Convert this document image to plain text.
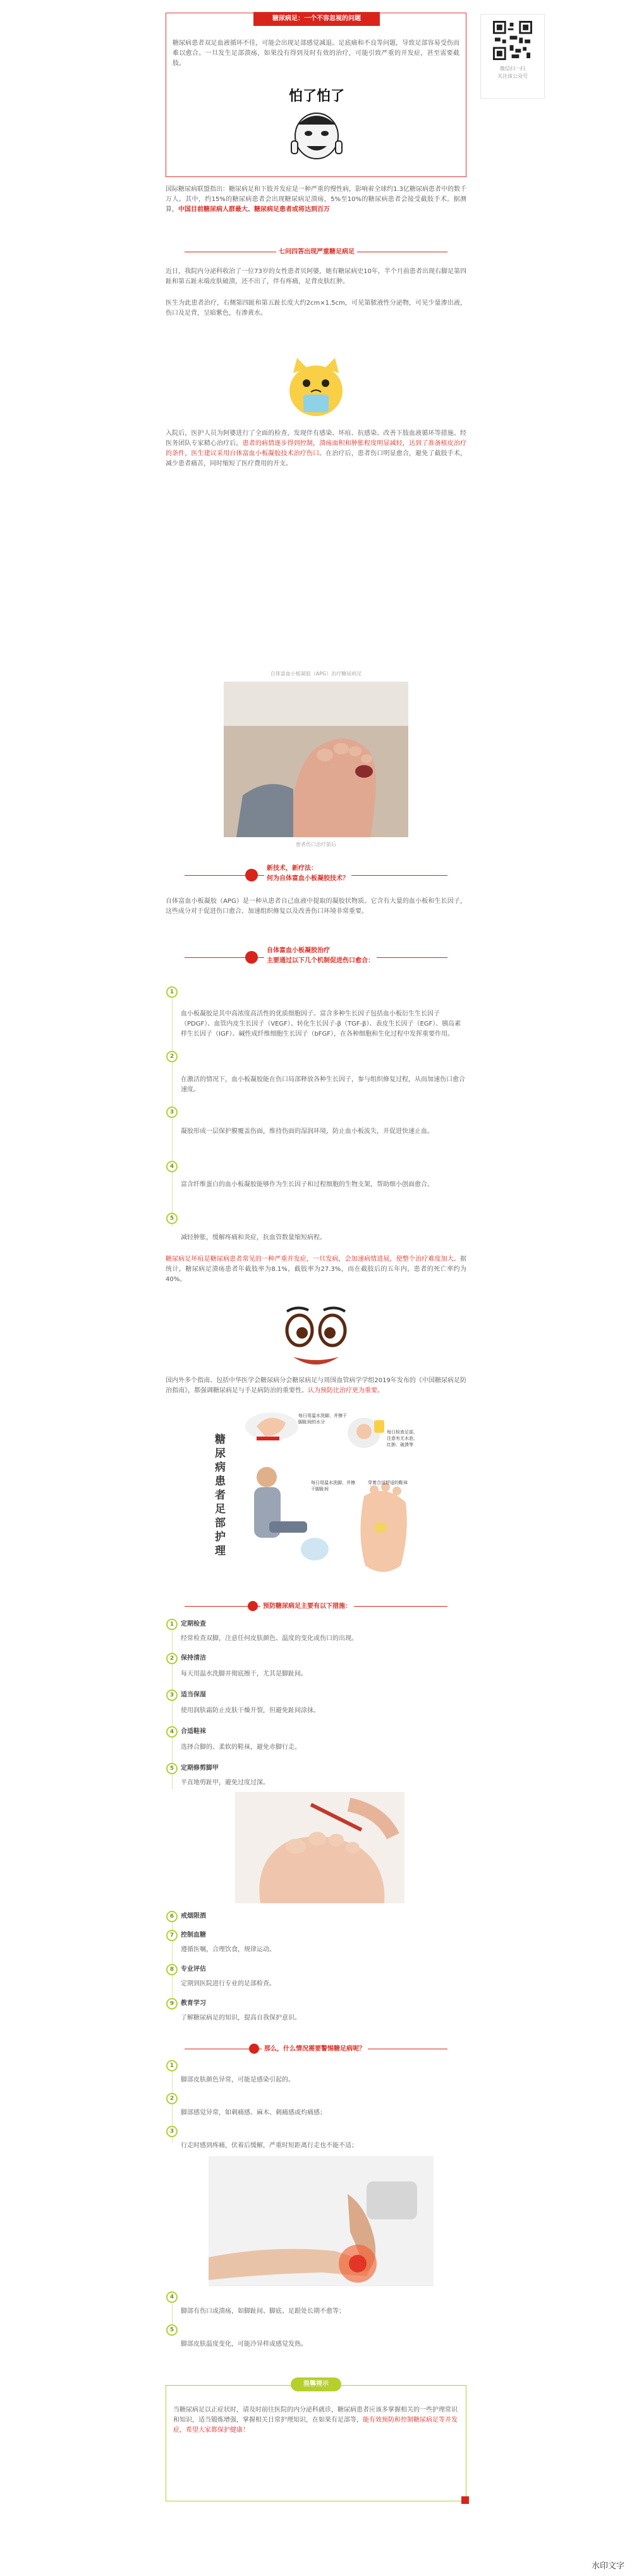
微信扫一扫
关注该公众号
糖尿病足：一个不容忽视的问题

糖尿病患者双足血液循环不佳，可能会出现足部感觉减退。足底痛和不良等问题，导致足部容易受伤而难以愈合。一旦发生足部溃疡，如果没有得到及时有效的治疗，可能引致严重的并发症，甚至需要截肢。

怕了怕了

国际糖尿病联盟指出：糖尿病足和下肢并发症是一种严重的慢性病，影响着全球约1.3亿糖尿病患者中的数千万人。其中，约15%的糖尿病患者会出现糖尿病足溃疡，5%至10%的糖尿病患者会接受截肢手术。据测算，中国目前糖尿病人群最大、糖尿病足患者或将达到百万

七问四答出现严重糖足病足

近日，我院内分泌科收治了一位73岁的女性患者贝阿婆，她有糖尿病史10年，半个月前患者出现右脚足第四趾和第五趾末端皮肤破溃，还不出了，伴有疼痛，足背皮肤红肿。

医生为此患者治疗，右侧第四趾和第五趾长度大约2cm×1.5cm，可见第脓液性分泌物，可见少量渗出液，伤口及足背，呈暗紫色，有渗黄水。

入院后，医护人员为阿婆进行了全面的检查，发现伴有感染、坏疽、抗感染、改善下肢血液循环等措施。经医务团队专家精心治疗后，患者的病情逐步得到控制，溃疡面积和肿胀程度明显减轻，达到了准备植皮治疗的条件，医生建议采用自体富血小板凝胶技术治疗伤口。在治疗后，患者伤口明显愈合，避免了截肢手术，减少患者痛苦，同时缩短了医疗费用的开支。

自体富血小板凝胶（APG）治疗糖尿病足
患者伤口治疗前后
新技术，新疗法：
何为自体富血小板凝胶技术？

自体富血小板凝胶（APG）是一种从患者自己血液中提取的凝胶状物质。它含有大量的血小板和生长因子，这些成分对于促进伤口愈合、加速组织修复以及改善伤口环境非常重要。

自体富血小板凝胶治疗
主要通过以下几个机制促进伤口愈合：
1

血小板凝胶是其中高浓度高活性的优质细胞因子。富含多种生长因子包括血小板衍生生长因子（PDGF）、血管内皮生长因子（VEGF）、转化生长因子-β（TGF-β）、表皮生长因子（EGF）、胰岛素样生长因子（IGF）、碱性成纤维细胞生长因子（bFGF），在各种细胞和生化过程中发挥重要作用。

2

在激活的情况下，血小板凝胶能在伤口局部释放各种生长因子，参与组织修复过程，从而加速伤口愈合速度。

3

凝胶形成一层保护膜覆盖伤面，维持伤面的湿润环境，防止血小板流失，并促进快速止血。

4

富含纤维蛋白的血小板凝胶能够作为生长因子和过程细胞的生物支架，帮助细小创面愈合。

5

减轻肿胀，缓解疼痛和炎症，抗血管数量缩短病程。

糖尿病足坏疽是糖尿病患者常见的一种严重并发症，一旦发病，会加速病情进展，使整个治疗难度加大。据统计，糖尿病足溃疡患者年截肢率为8.1%，截肢率为27.3%，而在截肢后的五年内，患者的死亡率约为40%。

国内外多个指南、包括中华医学会糖尿病分会糖尿病足与周围血管病学学组2019年发布的《中国糖尿病足防治指南》，都强调糖尿病足与手足病防治的重要性。认为预防比治疗更为重要。

糖尿病患者足部护理
每日用温水洗脚，并擦干脚趾间的水分
每日检查足部，注意有无水泡、红肿、破溃等
每日用温水洗脚，并擦干脚趾间
穿着合适舒适的鞋袜
预防糖尿病足主要有以下措施：
1	定期检查
经常检查双脚，注意任何皮肤颜色、温度的变化或伤口的出现。
2	保持清洁
每天用温水洗脚并彻底擦干，尤其是脚趾间。
3	适当保湿
使用润肤霜防止皮肤干燥开裂，但避免趾间涂抹。
4	合适鞋袜
选择合脚的、柔软的鞋袜，避免赤脚行走。
5	定期修剪脚甲
平直地剪趾甲，避免过度过深。
6	戒烟限酒
7	控制血糖
遵循医嘱，合理饮食，规律运动。
8	专业评估
定期到医院进行专业的足部检查。
9	教育学习
了解糖尿病足的知识，提高自我保护意识。
那么，什么情况需要警惕糖足病呢？
1
脚部皮肤颜色异常，可能是感染引起的。
2
脚部感觉异常，如刺痛感、麻木、刺痛感或灼痛感；
3
行走时感到疼痛，伏着后缓解，严重时短距离行走也不能不适；
4
脚部有伤口或溃疡，如脚趾间、脚底、足跟处长期不愈等；
5
脚部皮肤温度变化，可能冷异样或感觉发热。
温馨提示

当糖尿病足以正症状时，请及时前往医院的内分泌科就诊，糖尿病患者应该多掌握相关的一些护理常识和知识，适当锻炼增强，掌握相关日常护理知识，在如果有足部等，能有效预防和控制糖尿病足等并发症，希望大家都保护健康！

水印文字
